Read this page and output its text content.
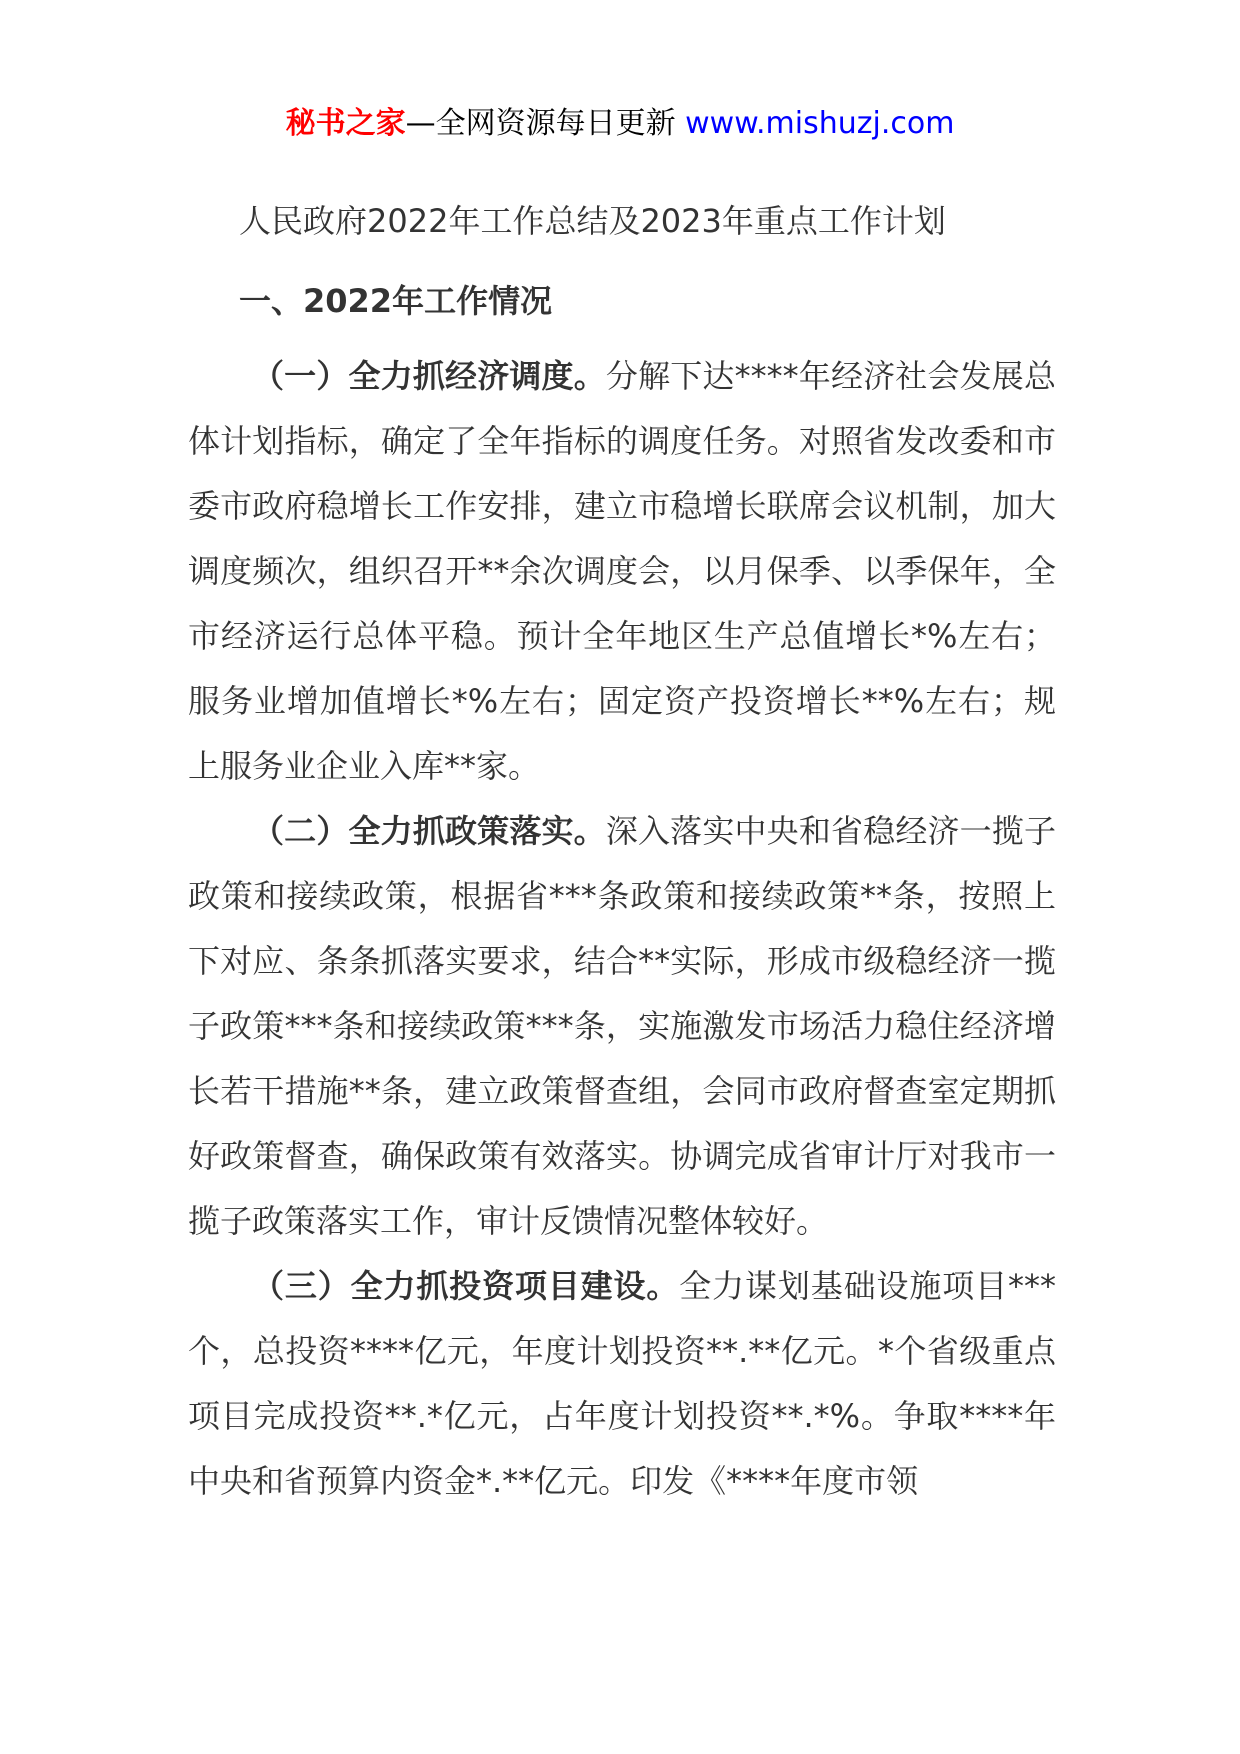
秘书之家—全网资源每日更新 www.mishuzj.com
人民政府2022年工作总结及2023年重点工作计划
一、2022年工作情况

（一）全力抓经济调度。分解下达****年经济社会发展总体计划指标，确定了全年指标的调度任务。对照省发改委和市委市政府稳增长工作安排，建立市稳增长联席会议机制，加大调度频次，组织召开**余次调度会，以月保季、以季保年，全市经济运行总体平稳。预计全年地区生产总值增长*%左右；服务业增加值增长*%左右；固定资产投资增长**%左右；规上服务业企业入库**家。

（二）全力抓政策落实。深入落实中央和省稳经济一揽子政策和接续政策，根据省***条政策和接续政策**条，按照上下对应、条条抓落实要求，结合**实际，形成市级稳经济一揽子政策***条和接续政策***条，实施激发市场活力稳住经济增长若干措施**条，建立政策督查组，会同市政府督查室定期抓好政策督查，确保政策有效落实。协调完成省审计厅对我市一揽子政策落实工作，审计反馈情况整体较好。

（三）全力抓投资项目建设。全力谋划基础设施项目***个，总投资****亿元，年度计划投资**.**亿元。*个省级重点项目完成投资**.*亿元，占年度计划投资**.*%。争取****年中央和省预算内资金*.**亿元。印发《****年度市领
